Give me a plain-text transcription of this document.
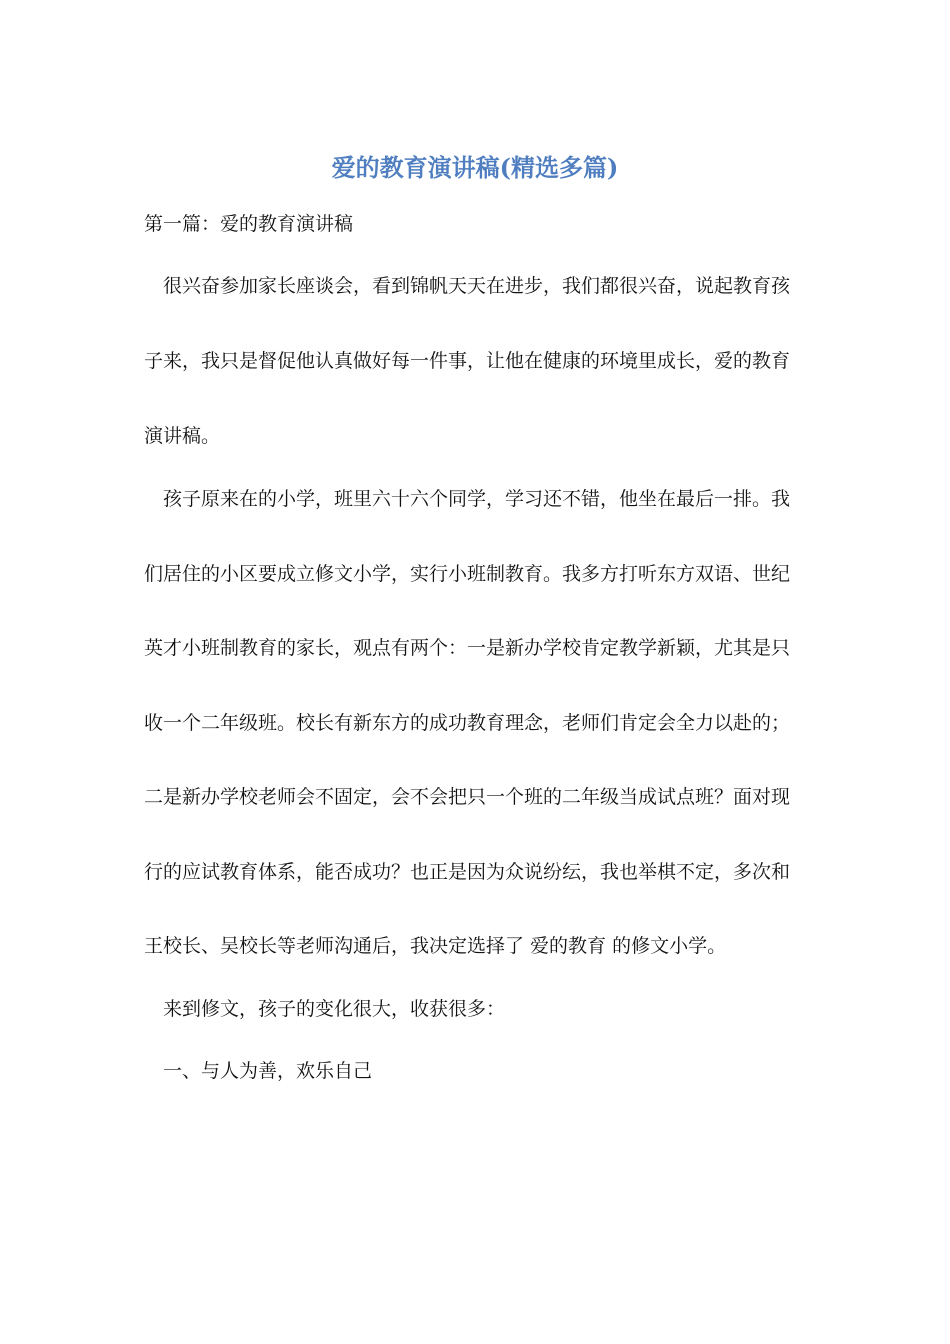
爱的教育演讲稿(精选多篇)

第一篇：爱的教育演讲稿

很兴奋参加家长座谈会，看到锦帆天天在进步，我们都很兴奋，说起教育孩

子来，我只是督促他认真做好每一件事，让他在健康的环境里成长，爱的教育

演讲稿。

孩子原来在的小学，班里六十六个同学，学习还不错，他坐在最后一排。我

们居住的小区要成立修文小学，实行小班制教育。我多方打听东方双语、世纪

英才小班制教育的家长，观点有两个：一是新办学校肯定教学新颖，尤其是只

收一个二年级班。校长有新东方的成功教育理念，老师们肯定会全力以赴的；

二是新办学校老师会不固定，会不会把只一个班的二年级当成试点班？面对现

行的应试教育体系，能否成功？也正是因为众说纷纭，我也举棋不定，多次和

王校长、吴校长等老师沟通后，我决定选择了 爱的教育 的修文小学。

来到修文，孩子的变化很大，收获很多：

一、与人为善，欢乐自己
